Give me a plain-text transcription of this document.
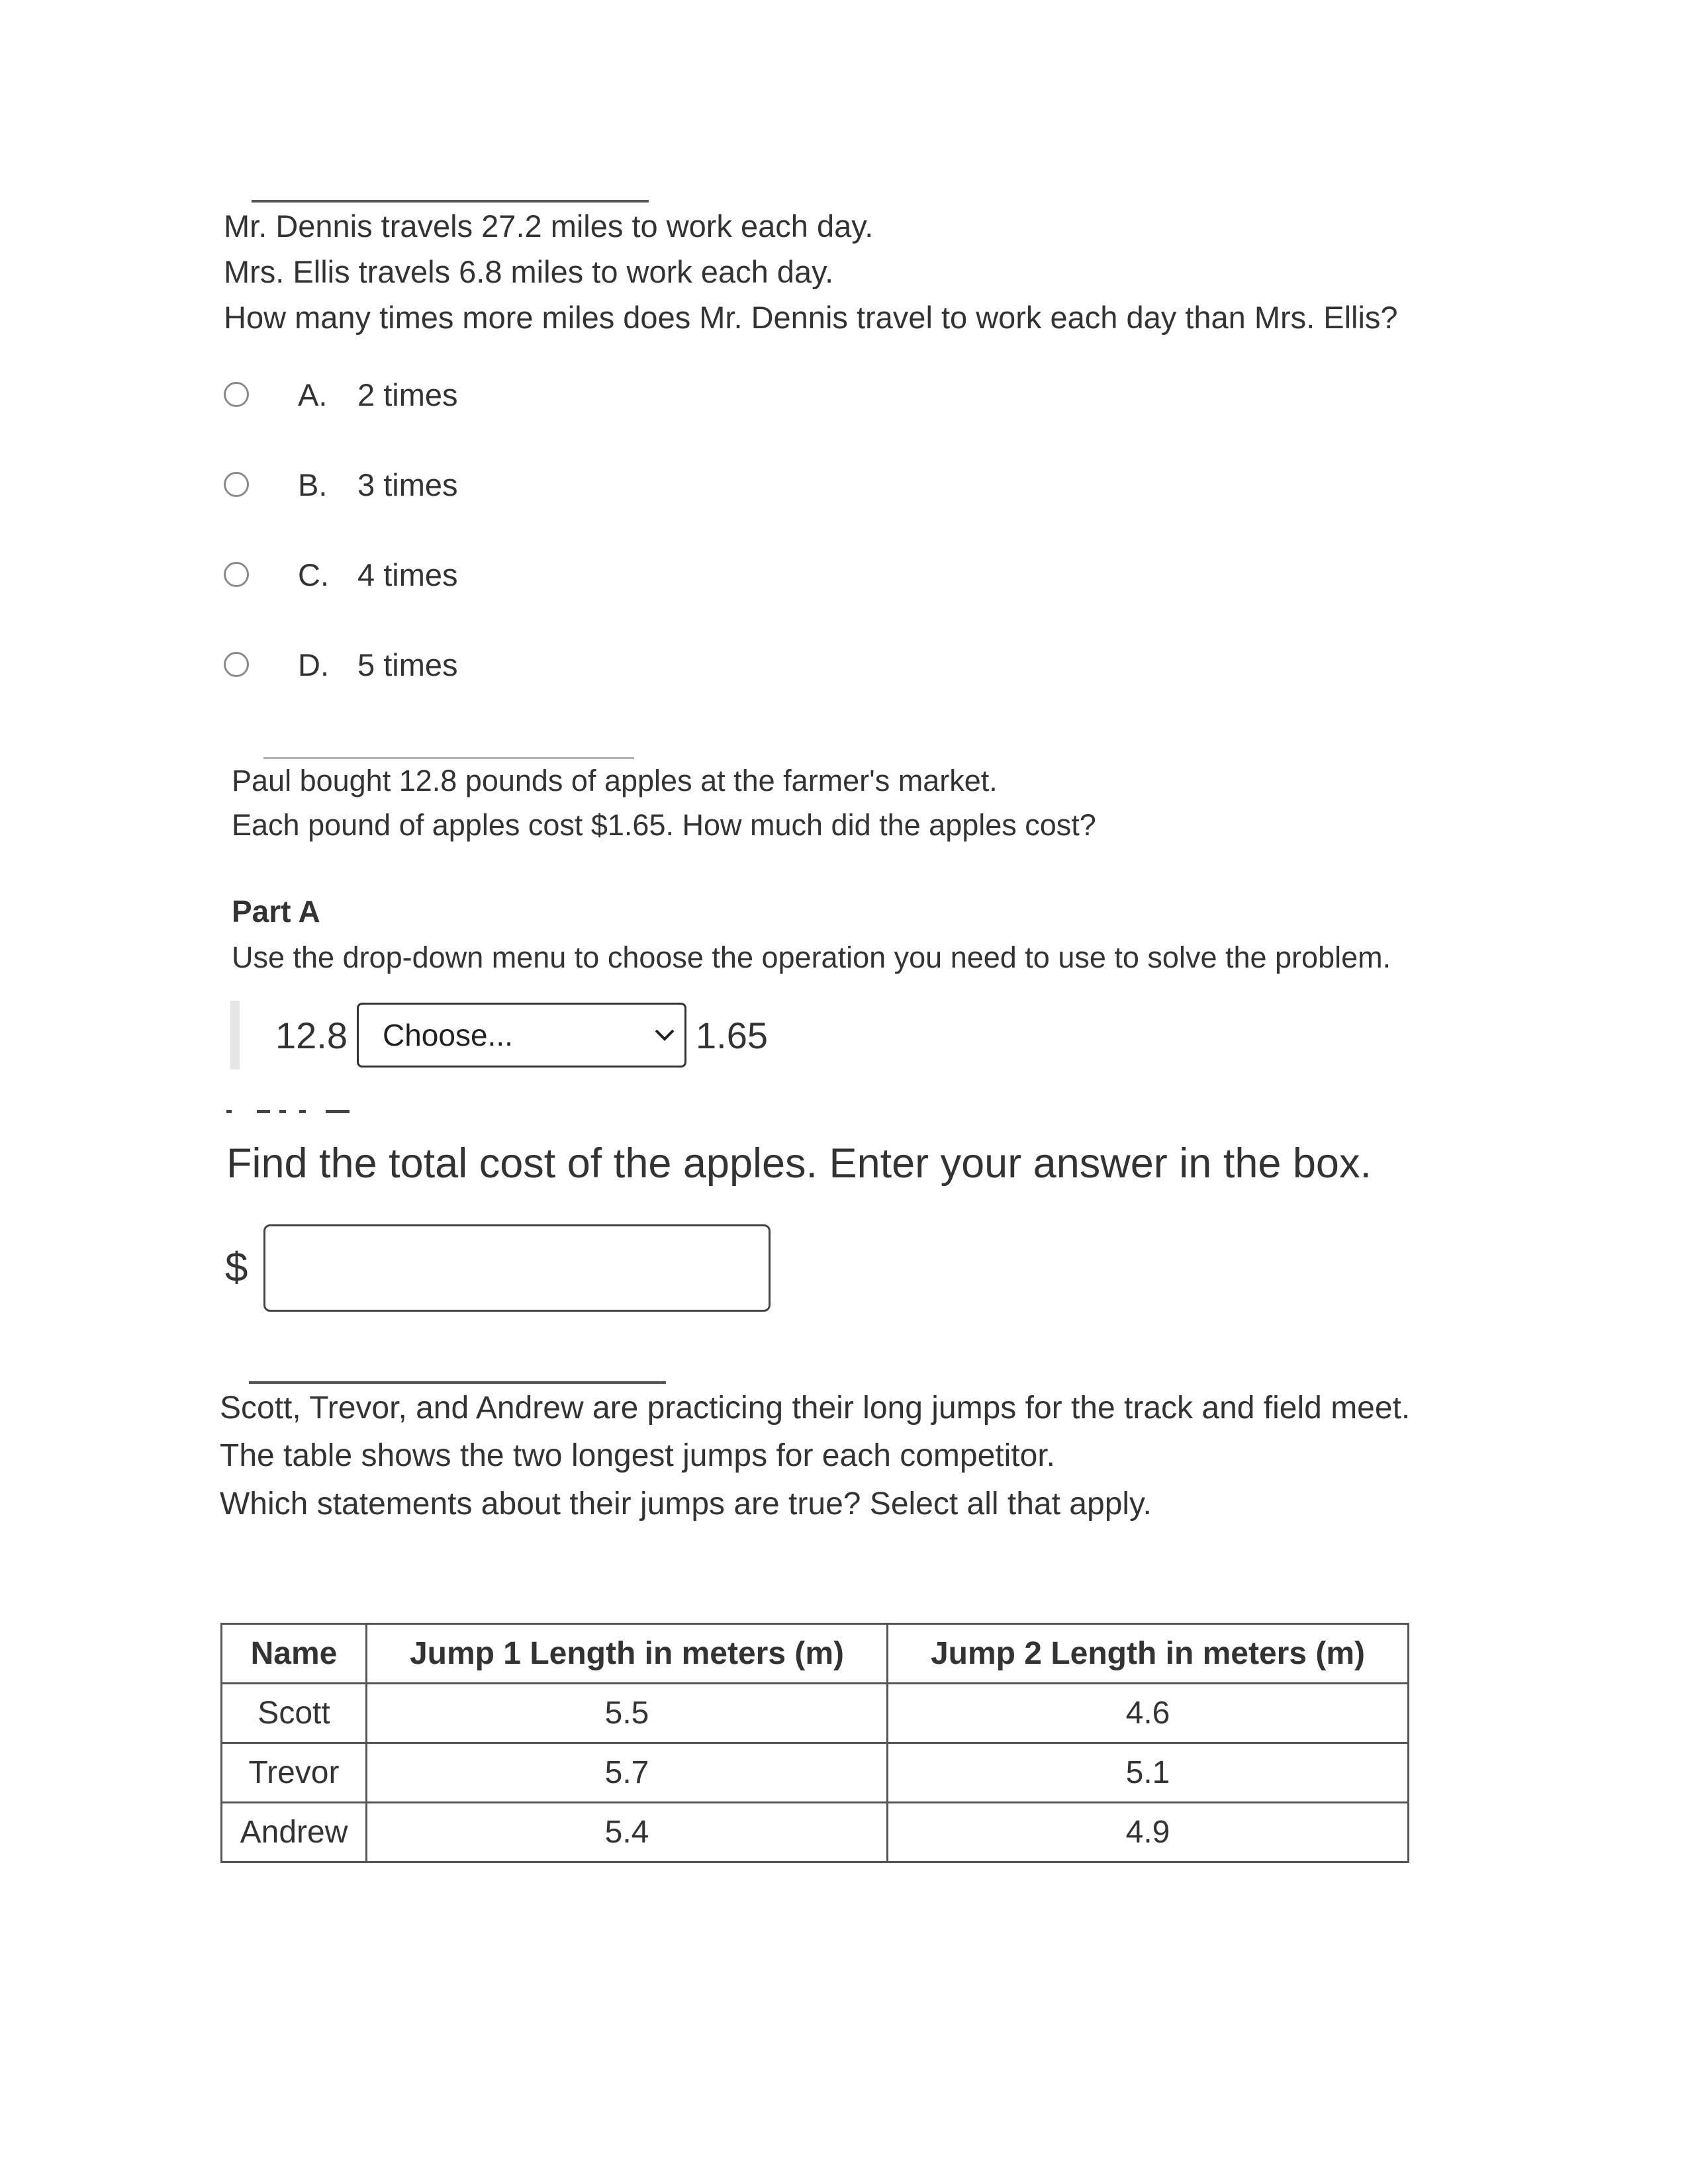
Mr. Dennis travels 27.2 miles to work each day.
Mrs. Ellis travels 6.8 miles to work each day.
How many times more miles does Mr. Dennis travel to work each day than Mrs. Ellis?
A. 2 times
B. 3 times
C. 4 times
D. 5 times
Paul bought 12.8 pounds of apples at the farmer's market.
Each pound of apples cost $1.65. How much did the apples cost?
Part A
Use the drop-down menu to choose the operation you need to use to solve the problem.
12.8 Choose...	1.65
Find the total cost of the apples. Enter your answer in the box.
$
Scott, Trevor, and Andrew are practicing their long jumps for the track and field meet.
The table shows the two longest jumps for each competitor.
Which statements about their jumps are true? Select all that apply.
Name	Jump 1 Length in meters (m)	Jump 2 Length in meters (m)
Scott	5.5	4.6
Trevor	5.7	5.1
Andrew	5.4	4.9
